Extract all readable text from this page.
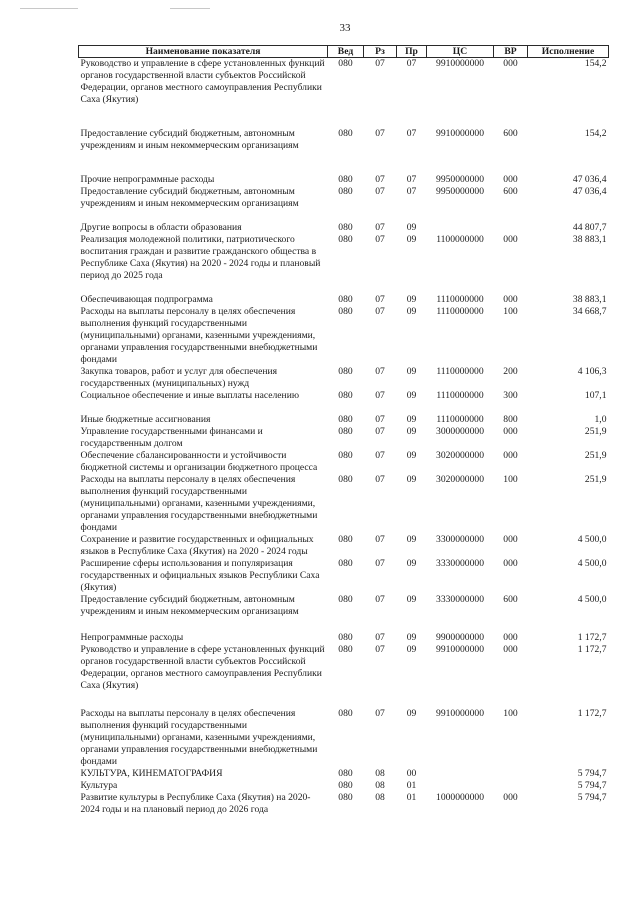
33
Наименование показателя	Вед	Рз	Пр	ЦС	ВР	Исполнение
Руководство и управление в сфере установленных функций органов государственной власти субъектов Российской Федерации, органов местного самоуправления Республики Саха (Якутия)	080	07	07	9910000000	000	154,2

Предоставление субсидий бюджетным, автономным учреждениям и иным некоммерческим организациям	080	07	07	9910000000	600	154,2

Прочие непрограммные расходы	080	07	07	9950000000	000	47 036,4
Предоставление субсидий бюджетным, автономным учреждениям и иным некоммерческим организациям	080	07	07	9950000000	600	47 036,4

Другие вопросы в области образования	080	07	09			44 807,7
Реализация молодежной политики, патриотического воспитания граждан и развитие гражданского общества в Республике Саха (Якутия) на 2020 - 2024 годы и плановый период до 2025 года	080	07	09	1100000000	000	38 883,1

Обеспечивающая подпрограмма	080	07	09	1110000000	000	38 883,1
Расходы на выплаты персоналу в целях обеспечения выполнения функций государственными (муниципальными) органами, казенными учреждениями, органами управления государственными внебюджетными фондами	080	07	09	1110000000	100	34 668,7
Закупка товаров, работ и услуг для обеспечения государственных (муниципальных) нужд	080	07	09	1110000000	200	4 106,3
Социальное обеспечение и иные выплаты населению	080	07	09	1110000000	300	107,1

Иные бюджетные ассигнования	080	07	09	1110000000	800	1,0
Управление государственными финансами и государственным долгом	080	07	09	3000000000	000	251,9
Обеспечение сбалансированности и устойчивости бюджетной системы и организации бюджетного процесса	080	07	09	3020000000	000	251,9
Расходы на выплаты персоналу в целях обеспечения выполнения функций государственными (муниципальными) органами, казенными учреждениями, органами управления государственными внебюджетными фондами	080	07	09	3020000000	100	251,9
Сохранение и развитие государственных и официальных языков в Республике Саха (Якутия) на 2020 - 2024 годы	080	07	09	3300000000	000	4 500,0
Расширение сферы использования и популяризация государственных и официальных языков Республики Саха (Якутия)	080	07	09	3330000000	000	4 500,0
Предоставление субсидий бюджетным, автономным учреждениям и иным некоммерческим организациям	080	07	09	3330000000	600	4 500,0

Непрограммные расходы	080	07	09	9900000000	000	1 172,7
Руководство и управление в сфере установленных функций органов государственной власти субъектов Российской Федерации, органов местного самоуправления Республики Саха (Якутия)	080	07	09	9910000000	000	1 172,7

Расходы на выплаты персоналу в целях обеспечения выполнения функций государственными (муниципальными) органами, казенными учреждениями, органами управления государственными внебюджетными фондами	080	07	09	9910000000	100	1 172,7
КУЛЬТУРА, КИНЕМАТОГРАФИЯ	080	08	00			5 794,7
Культура	080	08	01			5 794,7
Развитие культуры в Республике Саха (Якутия) на 2020-2024 годы и на плановый период до 2026 года	080	08	01	1000000000	000	5 794,7
